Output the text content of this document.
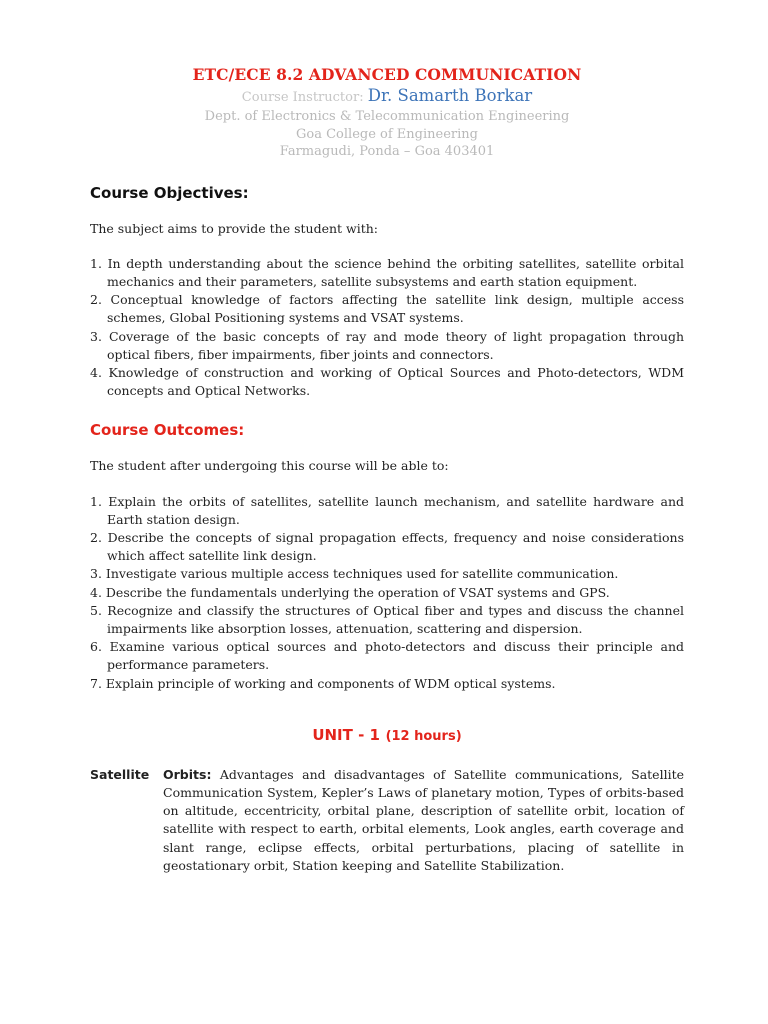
ETC/ECE 8.2 ADVANCED COMMUNICATION
Course Instructor: Dr. Samarth Borkar
Dept. of Electronics & Telecommunication Engineering
Goa College of Engineering
Farmagudi, Ponda – Goa 403401
Course Objectives:

The subject aims to provide the student with:

1. In depth understanding about the science behind the orbiting satellites, satellite orbital mechanics and their parameters, satellite subsystems and earth station equipment.
2. Conceptual knowledge of factors affecting the satellite link design, multiple access schemes, Global Positioning systems and VSAT systems.
3. Coverage of the basic concepts of ray and mode theory of light propagation through optical fibers, fiber impairments, fiber joints and connectors.
4. Knowledge of construction and working of Optical Sources and Photo-detectors, WDM concepts and Optical Networks.
Course Outcomes:

The student after undergoing this course will be able to:

1. Explain the orbits of satellites, satellite launch mechanism, and satellite hardware and Earth station design.
2. Describe the concepts of signal propagation effects, frequency and noise considerations which affect satellite link design.
3. Investigate various multiple access techniques used for satellite communication.
4. Describe the fundamentals underlying the operation of VSAT systems and GPS.
5. Recognize and classify the structures of Optical fiber and types and discuss the channel impairments like absorption losses, attenuation, scattering and dispersion.
6. Examine various optical sources and photo-detectors and discuss their principle and performance parameters.
7. Explain principle of working and components of WDM optical systems.
UNIT - 1 (12 hours)
Satellite	Orbits: Advantages and disadvantages of Satellite communications, Satellite Communication System, Kepler’s Laws of planetary motion, Types of orbits-based on altitude, eccentricity, orbital plane, description of satellite orbit, location of satellite with respect to earth, orbital elements, Look angles, earth coverage and slant range, eclipse effects, orbital perturbations, placing of satellite in geostationary orbit, Station keeping and Satellite Stabilization.
